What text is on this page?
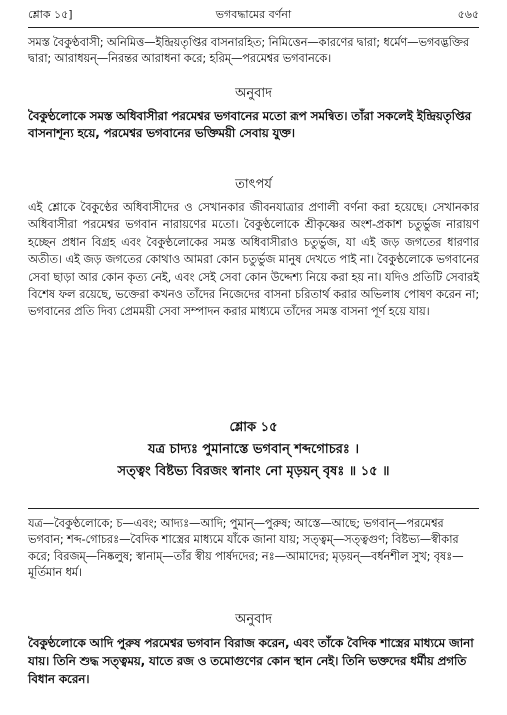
শ্লোক ১৫]	ভগবদ্ধামের বর্ণনা	৫৬৫
সমস্ত বৈকুণ্ঠবাসী; অনিমিত্ত—ইন্দ্রিয়তৃপ্তির বাসনারহিত; নিমিত্তেন—কারণের দ্বারা; ধর্মেণ—ভগবদ্ভক্তির দ্বারা; আরাধয়ন্—নিরন্তর আরাধনা করে; হরিম্—পরমেশ্বর ভগবানকে।
অনুবাদ
বৈকুণ্ঠলোকে সমস্ত অধিবাসীরা পরমেশ্বর ভগবানের মতো রূপ সমন্বিত। তাঁরা সকলেই ইন্দ্রিয়তৃপ্তির বাসনাশূন্য হয়ে, পরমেশ্বর ভগবানের ভক্তিময়ী সেবায় যুক্ত।
তাৎপর্য
এই শ্লোকে বৈকুণ্ঠের অধিবাসীদের ও সেখানকার জীবনযাত্রার প্রণালী বর্ণনা করা হয়েছে। সেখানকার অধিবাসীরা পরমেশ্বর ভগবান নারায়ণের মতো। বৈকুণ্ঠলোকে শ্রীকৃষ্ণের অংশ-প্রকাশ চতুর্ভুজ নারায়ণ হচ্ছেন প্রধান বিগ্রহ এবং বৈকুণ্ঠলোকের সমস্ত অধিবাসীরাও চতুর্ভুজ, যা এই জড় জগতের ধারণার অতীত। এই জড় জগতের কোথাও আমরা কোন চতুর্ভুজ মানুষ দেখতে পাই না। বৈকুণ্ঠলোকে ভগবানের সেবা ছাড়া আর কোন কৃত্য নেই, এবং সেই সেবা কোন উদ্দেশ্য নিয়ে করা হয় না। যদিও প্রতিটি সেবারই বিশেষ ফল রয়েছে, ভক্তেরা কখনও তাঁদের নিজেদের বাসনা চরিতার্থ করার অভিলাষ পোষণ করেন না; ভগবানের প্রতি দিব্য প্রেমময়ী সেবা সম্পাদন করার মাধ্যমে তাঁদের সমস্ত বাসনা পূর্ণ হয়ে যায়।
শ্লোক ১৫
যত্র চাদ্যঃ পুমানাস্তে ভগবান্ শব্দগোচরঃ ।
সত্ত্বং বিষ্টভ্য বিরজং স্বানাং নো মৃড়য়ন্ বৃষঃ ॥ ১৫ ॥
যত্র—বৈকুণ্ঠলোকে; চ—এবং; আদ্যঃ—আদি; পুমান্—পুরুষ; আস্তে—আছে; ভগবান্—পরমেশ্বর ভগবান; শব্দ-গোচরঃ—বৈদিক শাস্ত্রের মাধ্যমে যাঁকে জানা যায়; সত্ত্বম্—সত্ত্বগুণ; বিষ্টভ্য—স্বীকার করে; বিরজম্—নিষ্কলুষ; স্বানাম্—তাঁর স্বীয় পার্ষদদের; নঃ—আমাদের; মৃড়য়ন্—বর্ধনশীল সুখ; বৃষঃ—মূর্তিমান ধর্ম।
অনুবাদ
বৈকুণ্ঠলোকে আদি পুরুষ পরমেশ্বর ভগবান বিরাজ করেন, এবং তাঁকে বৈদিক শাস্ত্রের মাধ্যমে জানা যায়। তিনি শুদ্ধ সত্ত্বময়, যাতে রজ ও তমোগুণের কোন স্থান নেই। তিনি ভক্তদের ধর্মীয় প্রগতি বিধান করেন।
